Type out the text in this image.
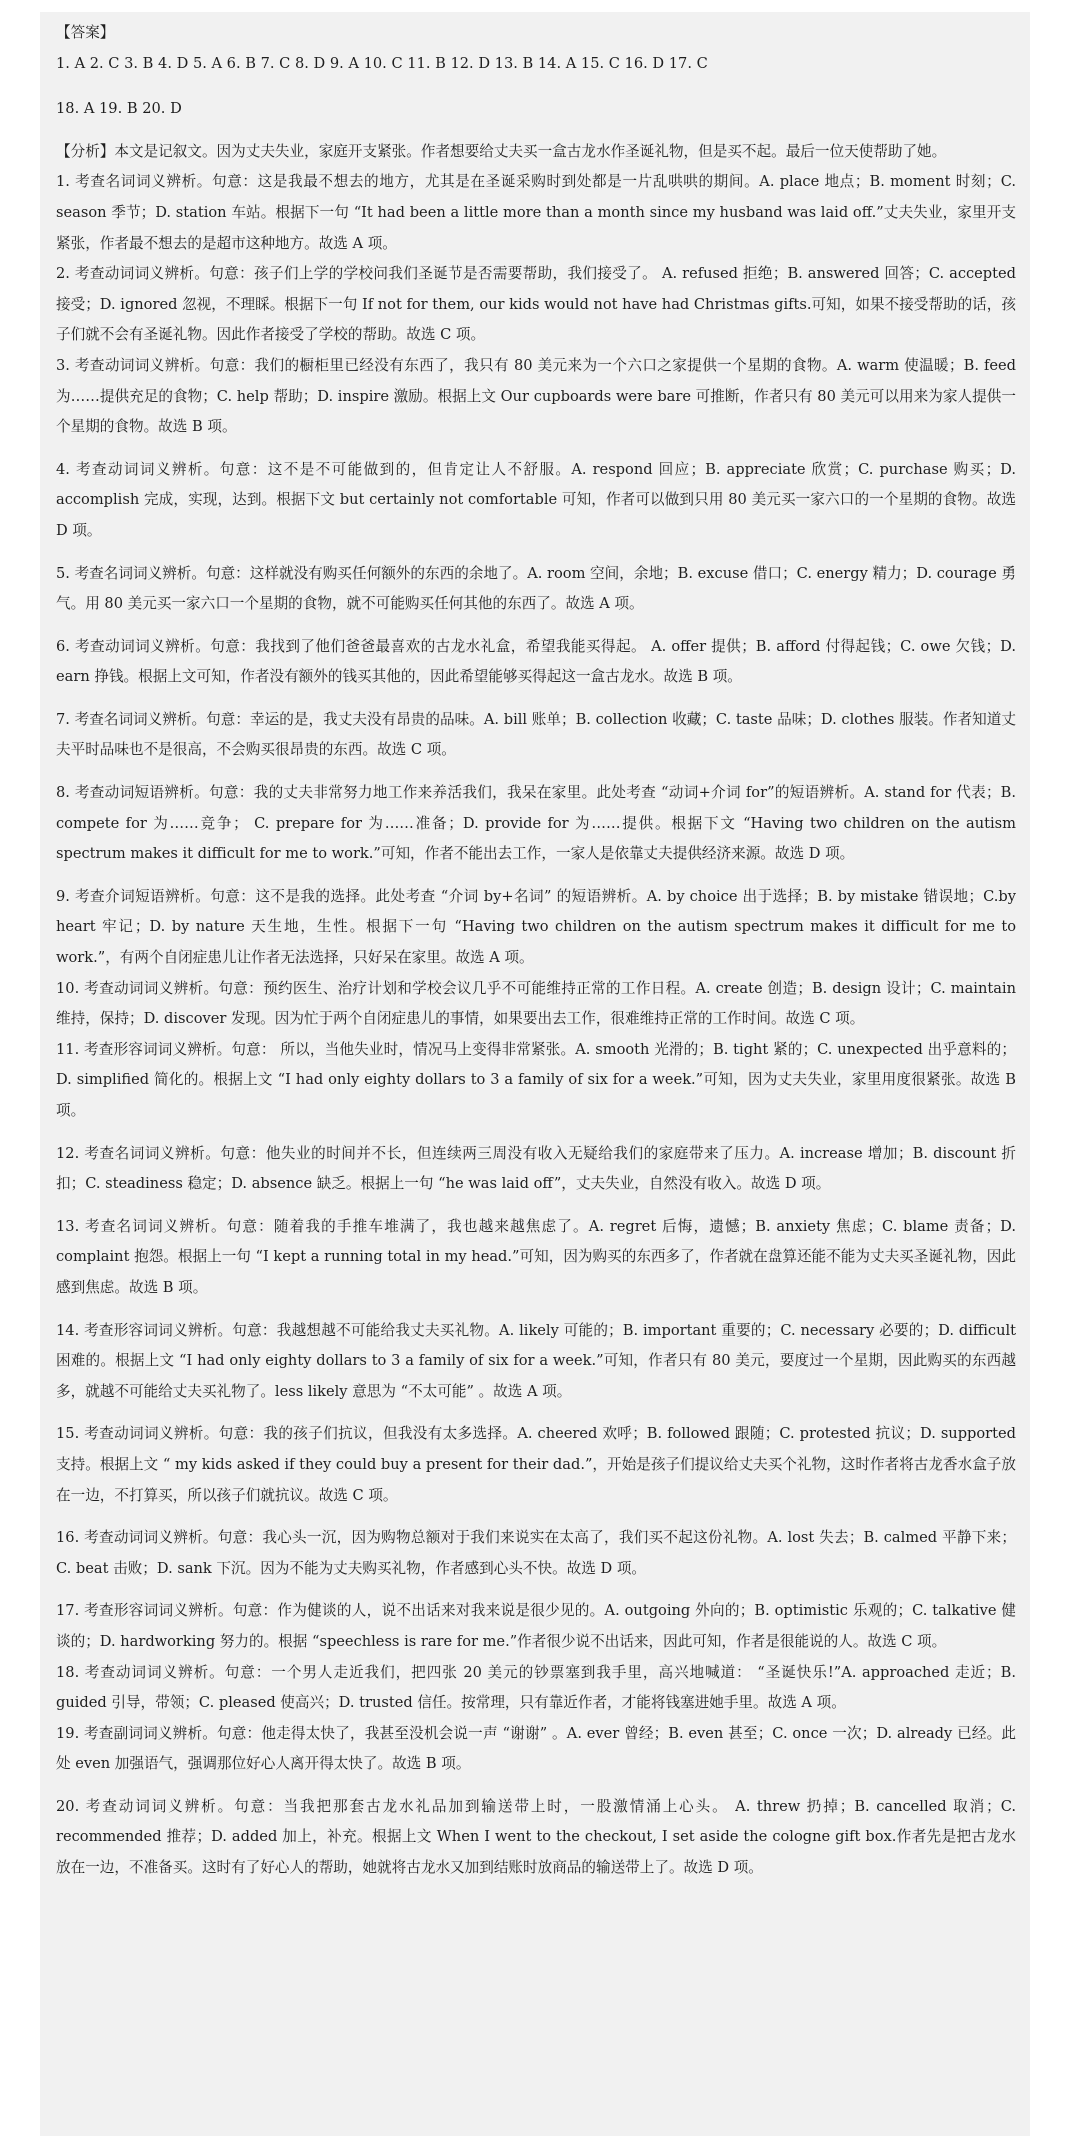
【答案】

1. A 2. C 3. B 4. D 5. A 6. B 7. C 8. D 9. A 10. C 11. B 12. D 13. B 14. A 15. C 16. D 17. C

18. A 19. B 20. D

【分析】本文是记叙文。因为丈夫失业，家庭开支紧张。作者想要给丈夫买一盒古龙水作圣诞礼物，但是买不起。最后一位天使帮助了她。

1. 考查名词词义辨析。句意：这是我最不想去的地方，尤其是在圣诞采购时到处都是一片乱哄哄的期间。A. place 地点；B. moment 时刻；C. season 季节；D. station 车站。根据下一句 “It had been a little more than a month since my husband was laid off.”丈夫失业，家里开支紧张，作者最不想去的是超市这种地方。故选 A 项。

2. 考查动词词义辨析。句意：孩子们上学的学校问我们圣诞节是否需要帮助，我们接受了。 A. refused 拒绝；B. answered 回答；C. accepted 接受；D. ignored 忽视，不理睬。根据下一句 If not for them, our kids would not have had Christmas gifts.可知，如果不接受帮助的话，孩子们就不会有圣诞礼物。因此作者接受了学校的帮助。故选 C 项。

3. 考查动词词义辨析。句意：我们的橱柜里已经没有东西了，我只有 80 美元来为一个六口之家提供一个星期的食物。A. warm 使温暖；B. feed 为……提供充足的食物；C. help 帮助；D. inspire 激励。根据上文 Our cupboards were bare 可推断，作者只有 80 美元可以用来为家人提供一个星期的食物。故选 B 项。

4. 考查动词词义辨析。句意：这不是不可能做到的，但肯定让人不舒服。A. respond 回应；B. appreciate 欣赏；C. purchase 购买；D. accomplish 完成，实现，达到。根据下文 but certainly not comfortable 可知，作者可以做到只用 80 美元买一家六口的一个星期的食物。故选 D 项。

5. 考查名词词义辨析。句意：这样就没有购买任何额外的东西的余地了。A. room 空间，余地；B. excuse 借口；C. energy 精力；D. courage 勇气。用 80 美元买一家六口一个星期的食物，就不可能购买任何其他的东西了。故选 A 项。

6. 考查动词词义辨析。句意：我找到了他们爸爸最喜欢的古龙水礼盒，希望我能买得起。 A. offer 提供；B. afford 付得起钱；C. owe 欠钱；D. earn 挣钱。根据上文可知，作者没有额外的钱买其他的，因此希望能够买得起这一盒古龙水。故选 B 项。

7. 考查名词词义辨析。句意：幸运的是，我丈夫没有昂贵的品味。A. bill 账单；B. collection 收藏；C. taste 品味；D. clothes 服装。作者知道丈夫平时品味也不是很高，不会购买很昂贵的东西。故选 C 项。

8. 考查动词短语辨析。句意：我的丈夫非常努力地工作来养活我们，我呆在家里。此处考查 “动词+介词 for”的短语辨析。A. stand for 代表；B. compete for 为……竞争； C. prepare for 为……准备；D. provide for 为……提供。根据下文 “Having two children on the autism spectrum makes it difficult for me to work.”可知，作者不能出去工作，一家人是依靠丈夫提供经济来源。故选 D 项。

9. 考查介词短语辨析。句意：这不是我的选择。此处考查 “介词 by+名词” 的短语辨析。A. by choice 出于选择；B. by mistake 错误地；C.by heart 牢记；D. by nature 天生地，生性。根据下一句 “Having two children on the autism spectrum makes it difficult for me to work.”，有两个自闭症患儿让作者无法选择，只好呆在家里。故选 A 项。

10. 考查动词词义辨析。句意：预约医生、治疗计划和学校会议几乎不可能维持正常的工作日程。A. create 创造；B. design 设计；C. maintain 维持，保持；D. discover 发现。因为忙于两个自闭症患儿的事情，如果要出去工作，很难维持正常的工作时间。故选 C 项。

11. 考查形容词词义辨析。句意： 所以，当他失业时，情况马上变得非常紧张。A. smooth 光滑的；B. tight 紧的；C. unexpected 出乎意料的；D. simplified 简化的。根据上文 “I had only eighty dollars to 3 a family of six for a week.”可知，因为丈夫失业，家里用度很紧张。故选 B 项。

12. 考查名词词义辨析。句意：他失业的时间并不长，但连续两三周没有收入无疑给我们的家庭带来了压力。A. increase 增加；B. discount 折扣；C. steadiness 稳定；D. absence 缺乏。根据上一句 “he was laid off”，丈夫失业，自然没有收入。故选 D 项。

13. 考查名词词义辨析。句意：随着我的手推车堆满了，我也越来越焦虑了。A. regret 后悔，遗憾；B. anxiety 焦虑；C. blame 责备；D. complaint 抱怨。根据上一句 “I kept a running total in my head.”可知，因为购买的东西多了，作者就在盘算还能不能为丈夫买圣诞礼物，因此感到焦虑。故选 B 项。

14. 考查形容词词义辨析。句意：我越想越不可能给我丈夫买礼物。A. likely 可能的；B. important 重要的；C. necessary 必要的；D. difficult 困难的。根据上文 “I had only eighty dollars to 3 a family of six for a week.”可知，作者只有 80 美元，要度过一个星期，因此购买的东西越多，就越不可能给丈夫买礼物了。less likely 意思为 “不太可能” 。故选 A 项。

15. 考查动词词义辨析。句意：我的孩子们抗议，但我没有太多选择。A. cheered 欢呼；B. followed 跟随；C. protested 抗议；D. supported 支持。根据上文 “ my kids asked if they could buy a present for their dad.”，开始是孩子们提议给丈夫买个礼物，这时作者将古龙香水盒子放在一边，不打算买，所以孩子们就抗议。故选 C 项。

16. 考查动词词义辨析。句意：我心头一沉，因为购物总额对于我们来说实在太高了，我们买不起这份礼物。A. lost 失去；B. calmed 平静下来；C. beat 击败；D. sank 下沉。因为不能为丈夫购买礼物，作者感到心头不快。故选 D 项。

17. 考查形容词词义辨析。句意：作为健谈的人，说不出话来对我来说是很少见的。A. outgoing 外向的；B. optimistic 乐观的；C. talkative 健谈的；D. hardworking 努力的。根据 “speechless is rare for me.”作者很少说不出话来，因此可知，作者是很能说的人。故选 C 项。

18. 考查动词词义辨析。句意：一个男人走近我们，把四张 20 美元的钞票塞到我手里，高兴地喊道： “圣诞快乐!”A. approached 走近；B. guided 引导，带领；C. pleased 使高兴；D. trusted 信任。按常理，只有靠近作者，才能将钱塞进她手里。故选 A 项。

19. 考查副词词义辨析。句意：他走得太快了，我甚至没机会说一声 “谢谢” 。A. ever 曾经；B. even 甚至；C. once 一次；D. already 已经。此处 even 加强语气，强调那位好心人离开得太快了。故选 B 项。

20. 考查动词词义辨析。句意：当我把那套古龙水礼品加到输送带上时，一股激情涌上心头。 A. threw 扔掉；B. cancelled 取消；C. recommended 推荐；D. added 加上，补充。根据上文 When I went to the checkout, I set aside the cologne gift box.作者先是把古龙水放在一边，不准备买。这时有了好心人的帮助，她就将古龙水又加到结账时放商品的输送带上了。故选 D 项。
